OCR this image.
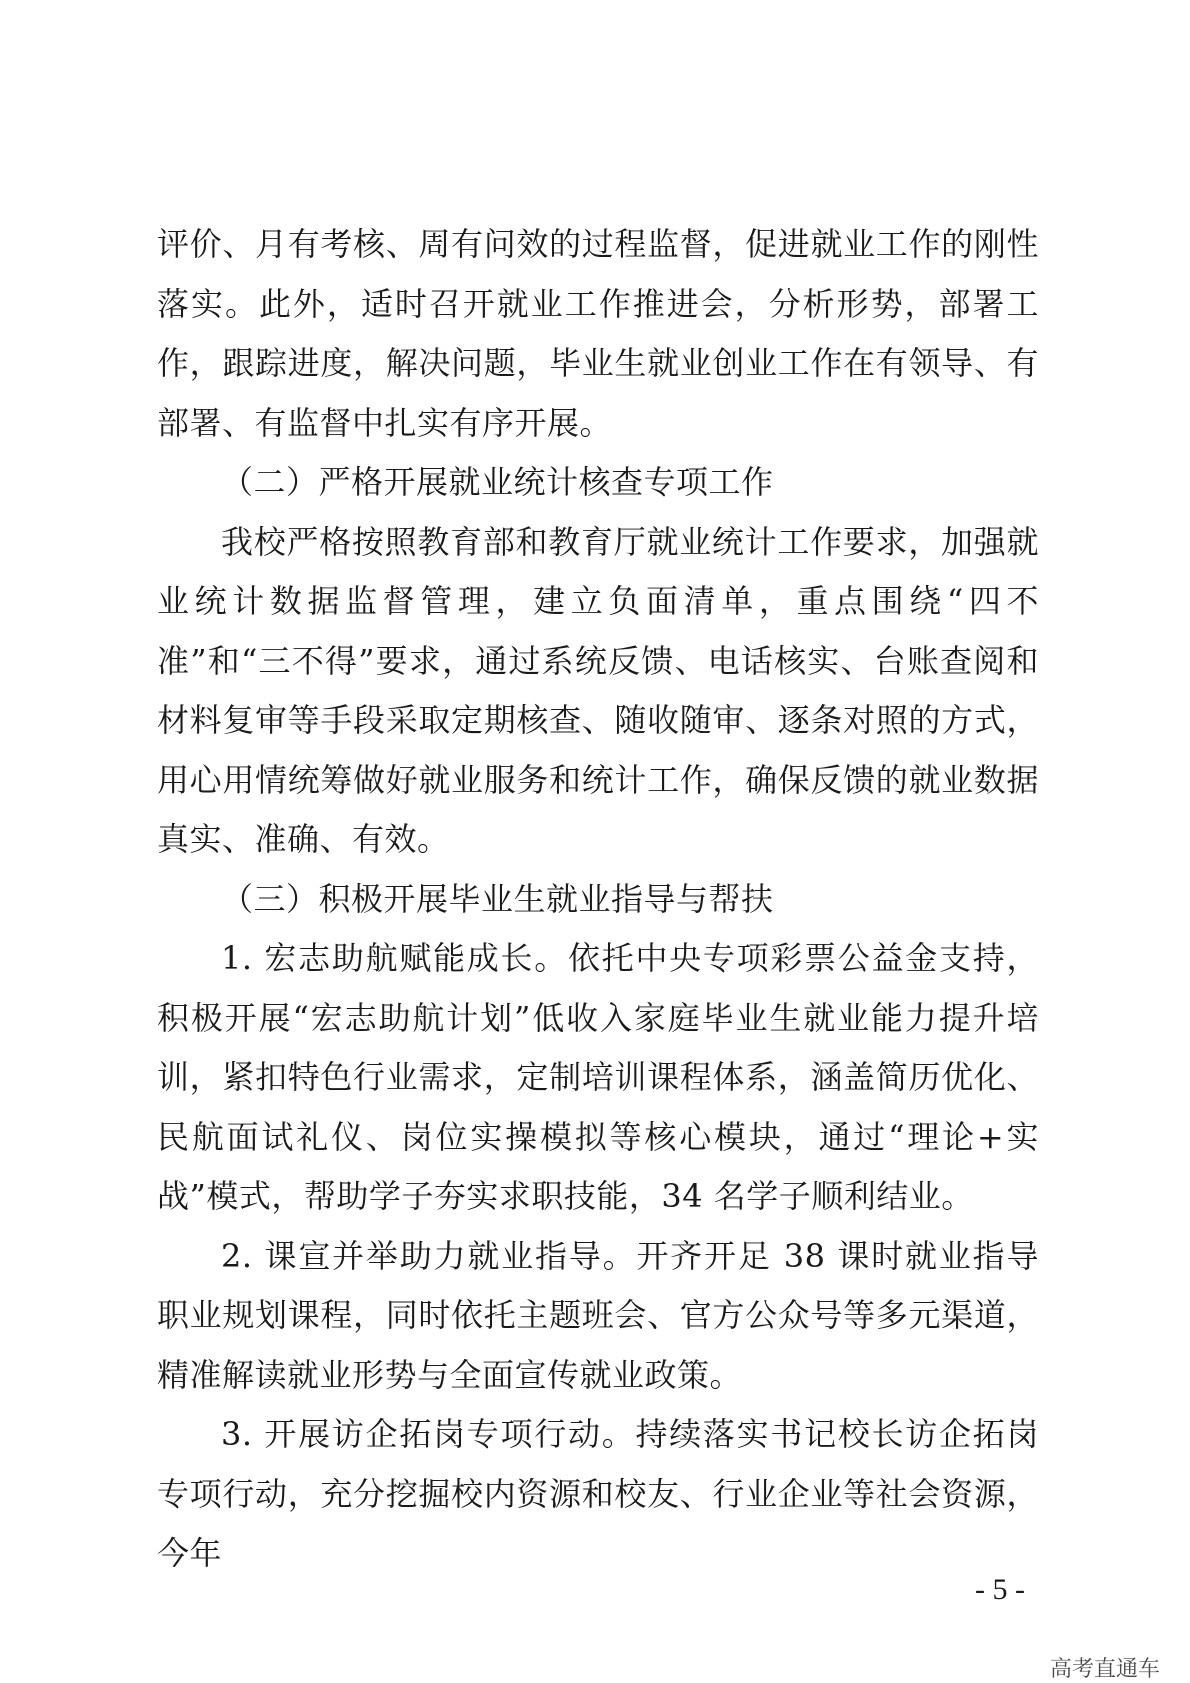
评价、月有考核、周有问效的过程监督，促进就业工作的刚性落实。此外，适时召开就业工作推进会，分析形势，部署工作，跟踪进度，解决问题，毕业生就业创业工作在有领导、有部署、有监督中扎实有序开展。

（二）严格开展就业统计核查专项工作

我校严格按照教育部和教育厅就业统计工作要求，加强就业统计数据监督管理，建立负面清单，重点围绕“四不准”和“三不得”要求，通过系统反馈、电话核实、台账查阅和材料复审等手段采取定期核查、随收随审、逐条对照的方式，用心用情统筹做好就业服务和统计工作，确保反馈的就业数据真实、准确、有效。

（三）积极开展毕业生就业指导与帮扶

1. 宏志助航赋能成长。依托中央专项彩票公益金支持，积极开展“宏志助航计划”低收入家庭毕业生就业能力提升培训，紧扣特色行业需求，定制培训课程体系，涵盖简历优化、民航面试礼仪、岗位实操模拟等核心模块，通过“理论+实战”模式，帮助学子夯实求职技能，34 名学子顺利结业。

2. 课宣并举助力就业指导。开齐开足 38 课时就业指导职业规划课程，同时依托主题班会、官方公众号等多元渠道，精准解读就业形势与全面宣传就业政策。

3. 开展访企拓岗专项行动。持续落实书记校长访企拓岗专项行动，充分挖掘校内资源和校友、行业企业等社会资源，今年

- 5 -
高考直通车
